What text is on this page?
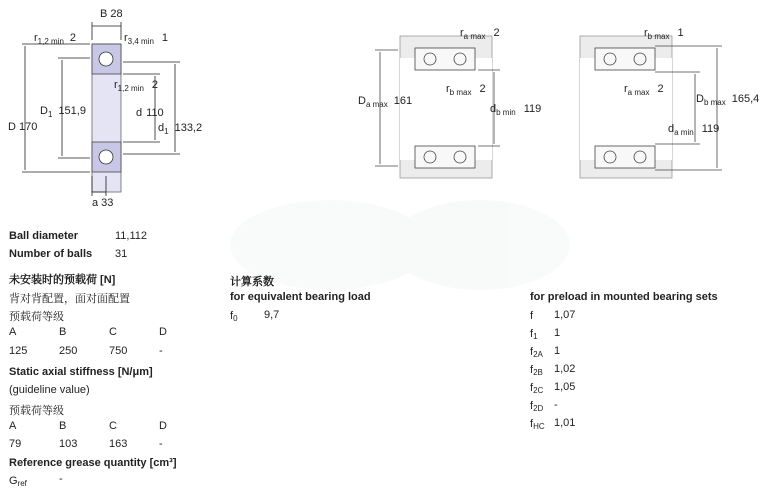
B 28
$r_{1,2 min}$ 2	$r_{3,4 min}$ 1
$r_{1,2 min}$ 2
$D_1$ 151,9
D 170
d 110
$d_1$ 133,2
a 33
$r_{a max}$ 2
$r_{b max}$ 2
$D_{a max}$ 161
$d_{b min}$ 119
$r_{b max}$ 1
$r_{a max}$ 2
$D_{b max}$ 165,4
$d_{a min}$ 119
Ball diameter	11,112
Number of balls 31
未安装时的预载荷 [N]
背对背配置，面对面配置
预载荷等级
A	B	C	D
125	250	750	-
Static axial stiffness [N/μm]
(guideline value)
预载荷等级
A	B	C	D
79	103	163	-
Reference grease quantity [cm³]
$G_{ref}$	-
计算系数
for equivalent bearing load
$f_0$ 9,7
for preload in mounted bearing sets
f 1,07
$f_1$ 1
$f_{2A}$ 1
$f_{2B}$ 1,02
$f_{2C}$ 1,05
$f_{2D}$ -
$f_{HC}$ 1,01
